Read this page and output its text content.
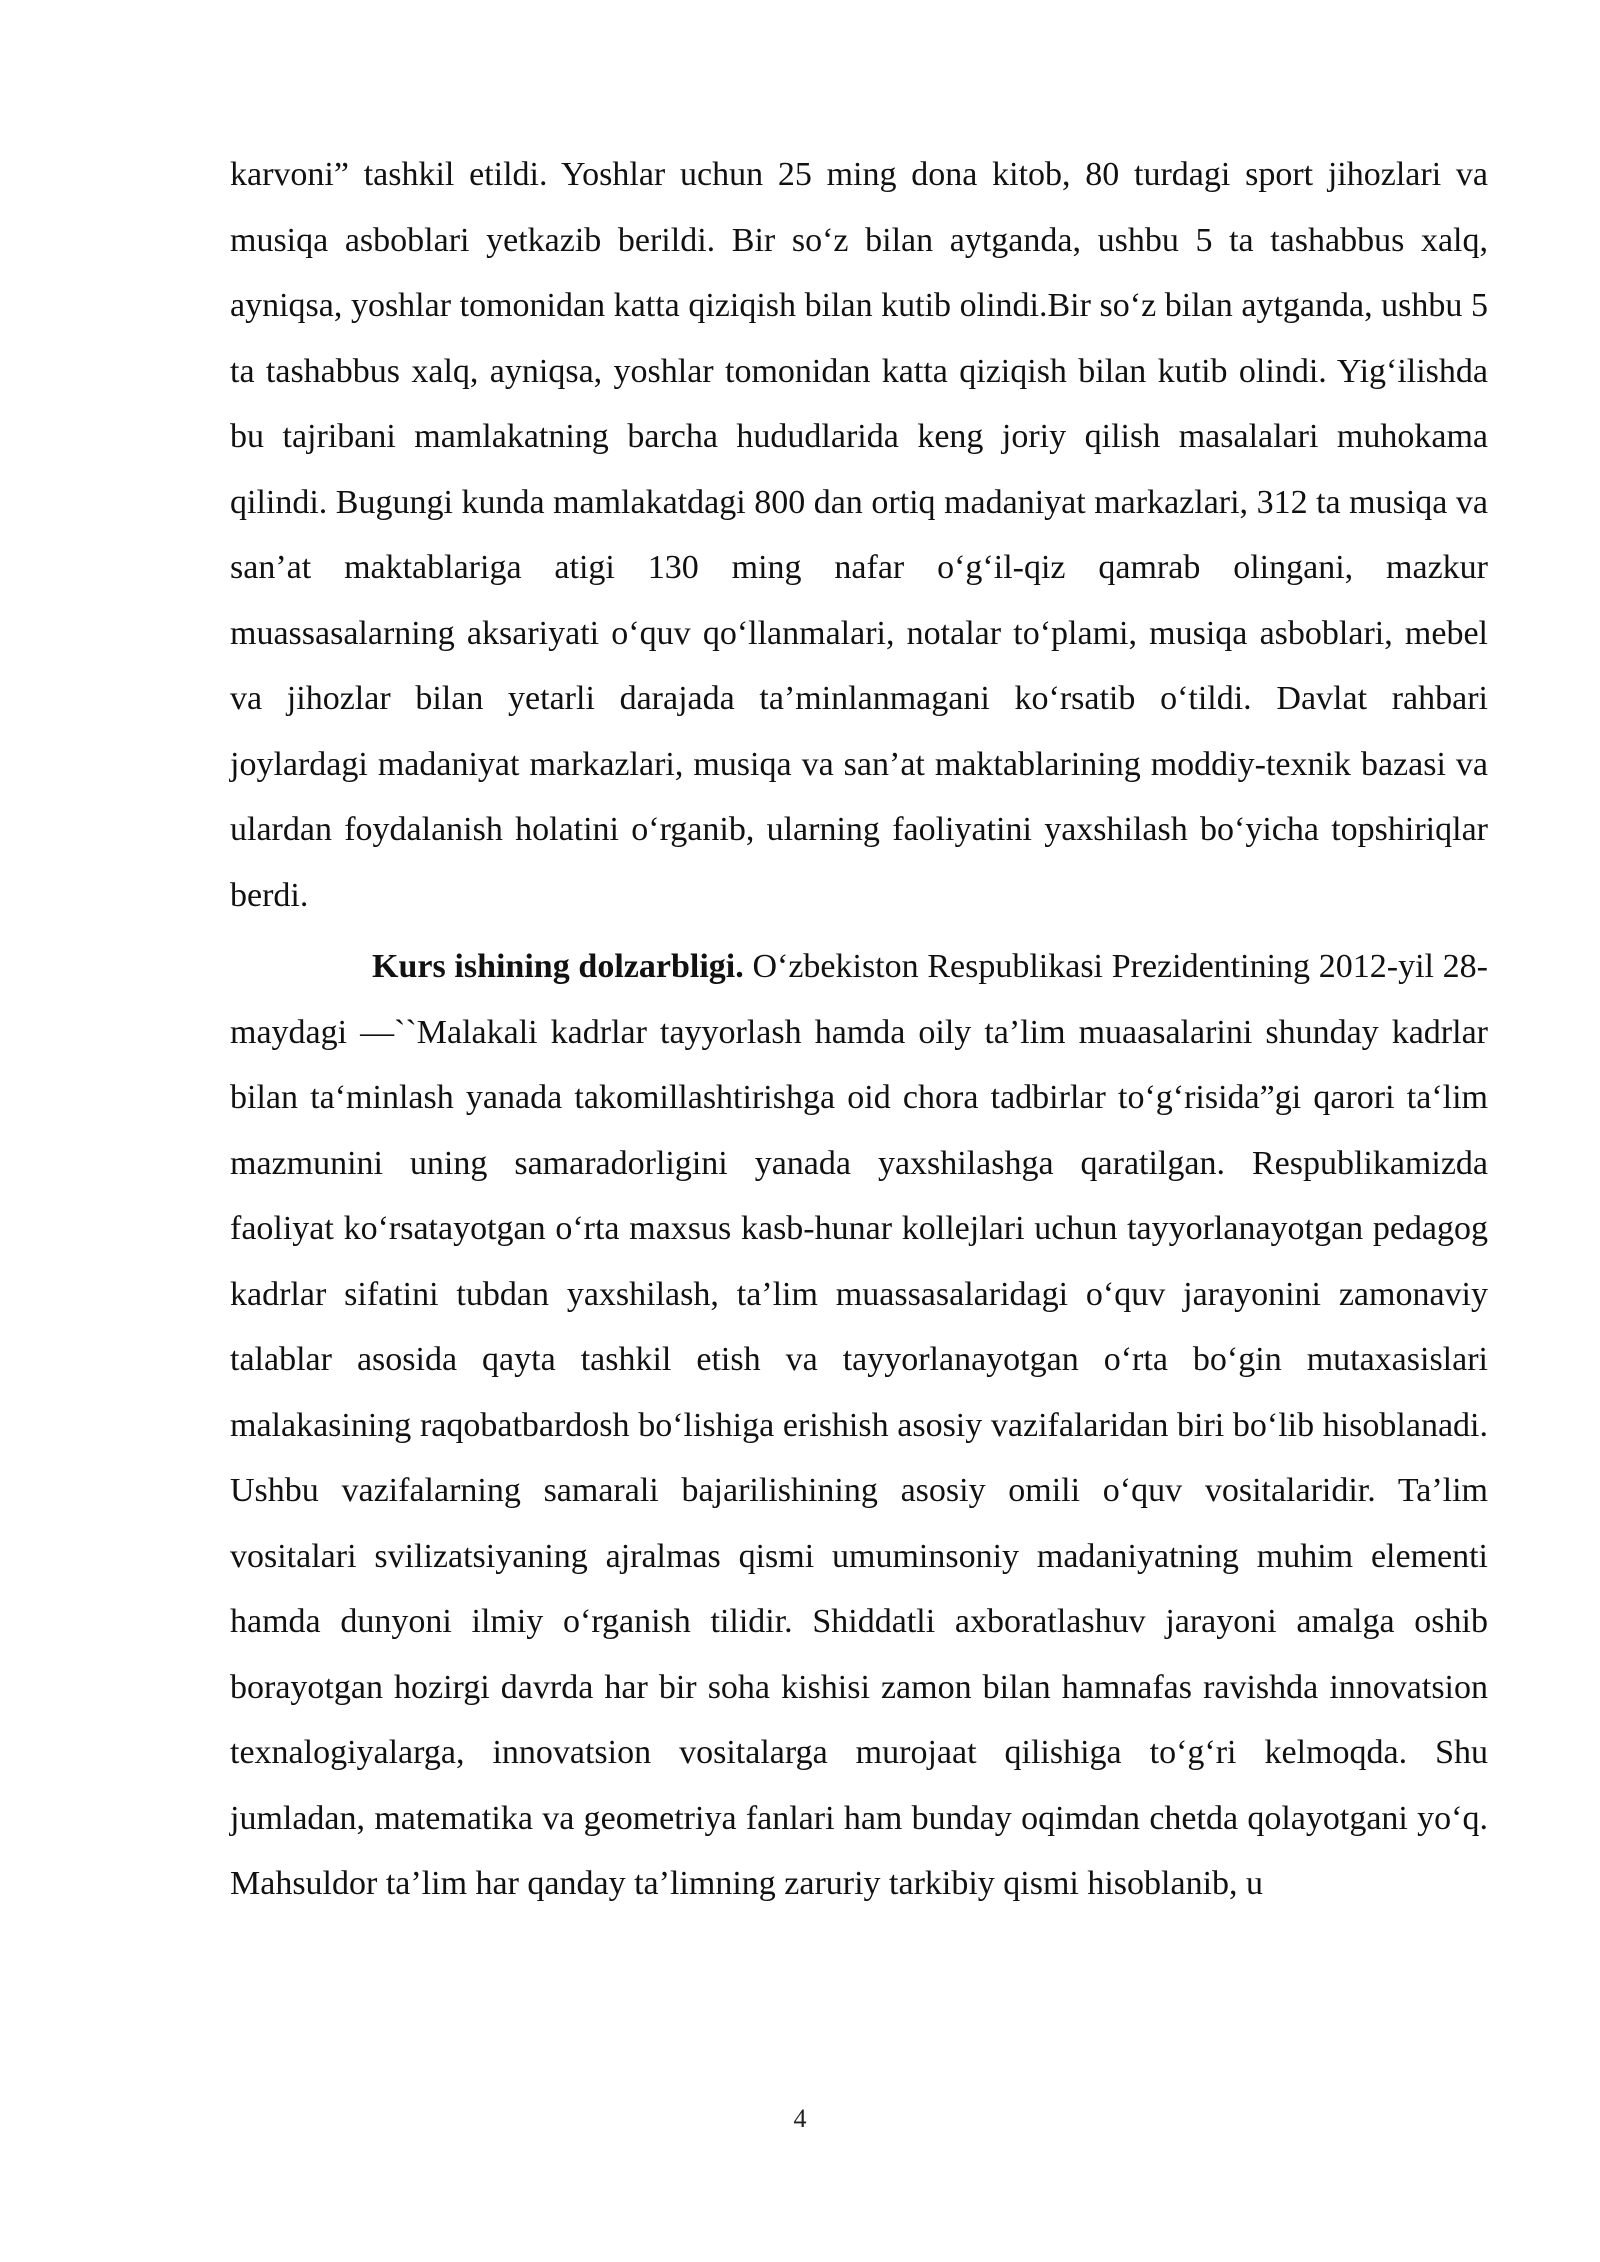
karvoni” tashkil etildi. Yoshlar uchun 25 ming dona kitob, 80 turdagi sport jihozlari va musiqa asboblari yetkazib berildi. Bir soʻz bilan aytganda, ushbu 5 ta tashabbus xalq, ayniqsa, yoshlar tomonidan katta qiziqish bilan kutib olindi.Bir soʻz bilan aytganda, ushbu 5 ta tashabbus xalq, ayniqsa, yoshlar tomonidan katta qiziqish bilan kutib olindi. Yigʻilishda bu tajribani mamlakatning barcha hududlarida keng joriy qilish masalalari muhokama qilindi. Bugungi kunda mamlakatdagi 800 dan ortiq madaniyat markazlari, 312 ta musiqa va san’at maktablariga atigi 130 ming nafar oʻgʻil-qiz qamrab olingani, mazkur muassasalarning aksariyati oʻquv qoʻllanmalari, notalar toʻplami, musiqa asboblari, mebel va jihozlar bilan yetarli darajada ta’minlanmagani koʻrsatib oʻtildi. Davlat rahbari joylardagi madaniyat markazlari, musiqa va san’at maktablarining moddiy-texnik bazasi va ulardan foydalanish holatini oʻrganib, ularning faoliyatini yaxshilash boʻyicha topshiriqlar berdi.

Kurs ishining dolzarbligi. Oʻzbekiston Respublikasi Prezidentining 2012-yil 28-maydagi —``Malakali kadrlar tayyorlash hamda oily ta’lim muaasalarini shunday kadrlar bilan taʻminlash yanada takomillashtirishga oid chora tadbirlar toʻgʻrisida”gi qarori taʻlim mazmunini uning samaradorligini yanada yaxshilashga qaratilgan. Respublikamizda faoliyat koʻrsatayotgan oʻrta maxsus kasb-hunar kollejlari uchun tayyorlanayotgan pedagog kadrlar sifatini tubdan yaxshilash, ta’lim muassasalaridagi oʻquv jarayonini zamonaviy talablar asosida qayta tashkil etish va tayyorlanayotgan oʻrta boʻgin mutaxasislari malakasining raqobatbardosh boʻlishiga erishish asosiy vazifalaridan biri boʻlib hisoblanadi. Ushbu vazifalarning samarali bajarilishining asosiy omili oʻquv vositalaridir. Ta’lim vositalari svilizatsiyaning ajralmas qismi umuminsoniy madaniyatning muhim elementi hamda dunyoni ilmiy oʻrganish tilidir. Shiddatli axboratlashuv jarayoni amalga oshib borayotgan hozirgi davrda har bir soha kishisi zamon bilan hamnafas ravishda innovatsion texnalogiyalarga, innovatsion vositalarga murojaat qilishiga toʻgʻri kelmoqda. Shu jumladan, matematika va geometriya fanlari ham bunday oqimdan chetda qolayotgani yoʻq. Mahsuldor ta’lim har qanday ta’limning zaruriy tarkibiy qismi hisoblanib, u

4
